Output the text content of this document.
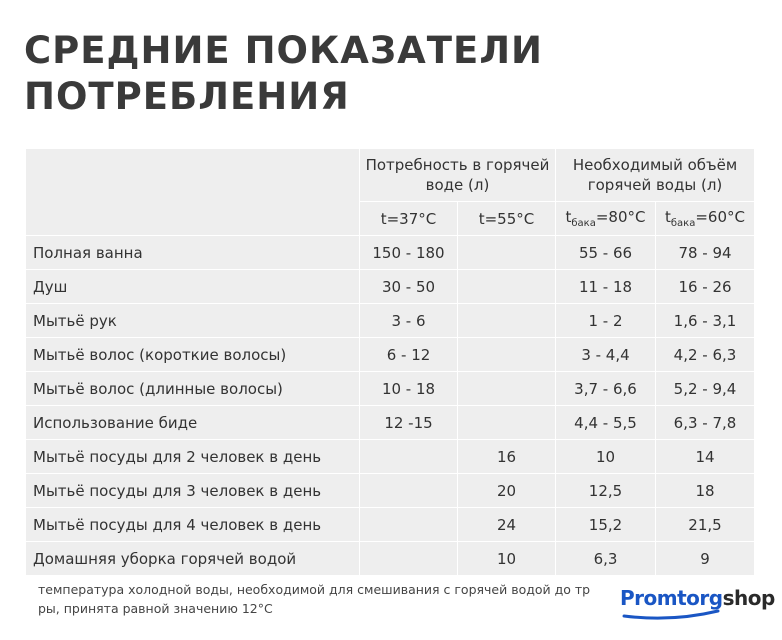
СРЕДНИЕ ПОКАЗАТЕЛИ
ПОТРЕБЛЕНИЯ
	Потребность в горячей воде (л)		Необходимый объём горячей воды (л)	
	t=37°C	t=55°C	$t_{бака}=80^\circ C$	$t_{бака}=60^\circ C$
Полная ванна	150 - 180		55 - 66	78 - 94
Душ	30 - 50		11 - 18	16 - 26
Мытьё рук	3 - 6		1 - 2	1,6 - 3,1
Мытьё волос (короткие волосы)	6 - 12		3 - 4,4	4,2 - 6,3
Мытьё волос (длинные волосы)	10 - 18		3,7 - 6,6	5,2 - 9,4
Использование биде	12 -15		4,4 - 5,5	6,3 - 7,8
Мытьё посуды для 2 человек в день		16	10	14
Мытьё посуды для 3 человек в день		20	12,5	18
Мытьё посуды для 4 человек в день		24	15,2	21,5
Домашняя уборка горячей водой		10	6,3	9
температура холодной воды, необходимой для смешивания с горячей водой до тр
ры, принята равной значению 12°C	Promtorgshop
